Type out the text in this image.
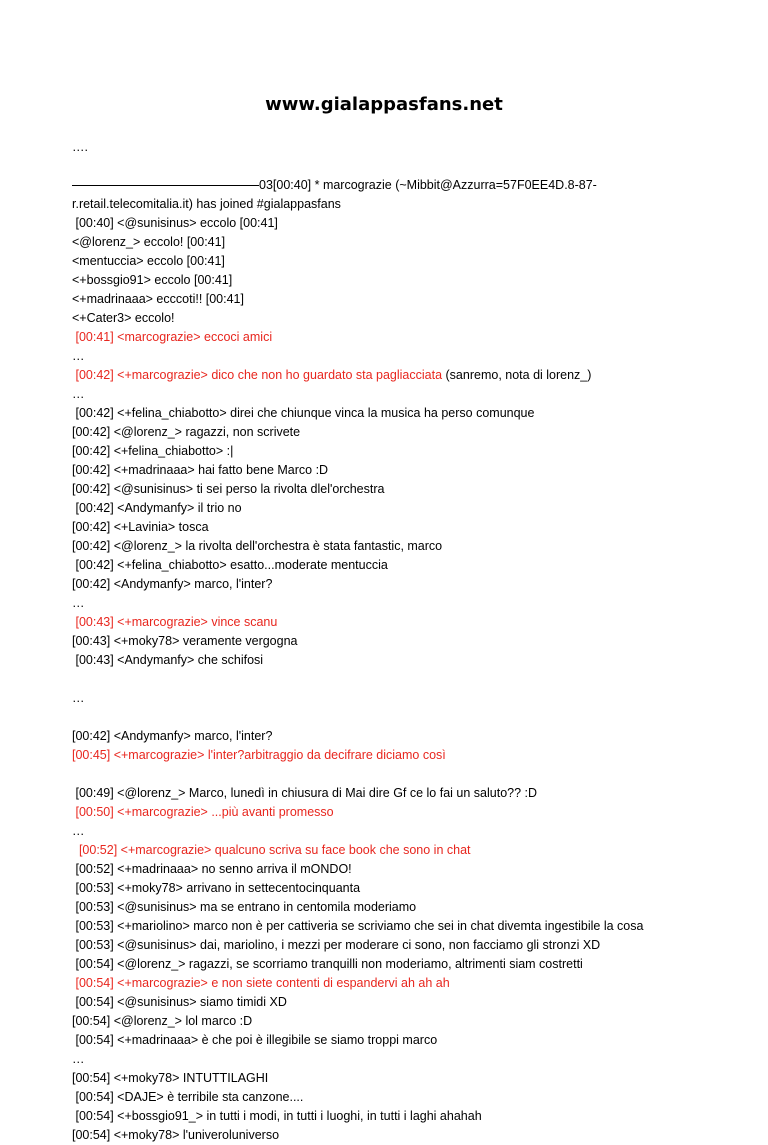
www.gialappasfans.net
….
03[00:40] * marcograzie (~Mibbit@Azzurra=57F0EE4D.8-87-
r.retail.telecomitalia.it) has joined #gialappasfans
[00:40] <@sunisinus> eccolo [00:41]
<@lorenz_> eccolo! [00:41]
<mentuccia> eccolo [00:41]
<+bossgio91> eccolo [00:41]
<+madrinaaa> ecccoti!! [00:41]
<+Cater3> eccolo!
[00:41] <marcograzie> eccoci amici
…
[00:42] <+marcograzie> dico che non ho guardato sta pagliacciata (sanremo, nota di lorenz_)
…
[00:42] <+felina_chiabotto> direi che chiunque vinca la musica ha perso comunque
[00:42] <@lorenz_> ragazzi, non scrivete
[00:42] <+felina_chiabotto> :|
[00:42] <+madrinaaa> hai fatto bene Marco :D
[00:42] <@sunisinus> ti sei perso la rivolta dlel'orchestra
[00:42] <Andymanfy> il trio no
[00:42] <+Lavinia> tosca
[00:42] <@lorenz_> la rivolta dell'orchestra è stata fantastic, marco
[00:42] <+felina_chiabotto> esatto...moderate mentuccia
[00:42] <Andymanfy> marco, l'inter?
…
[00:43] <+marcograzie> vince scanu
[00:43] <+moky78> veramente vergogna
[00:43] <Andymanfy> che schifosi
…
[00:42] <Andymanfy> marco, l'inter?
[00:45] <+marcograzie> l'inter?arbitraggio da decifrare diciamo così
[00:49] <@lorenz_> Marco, lunedì in chiusura di Mai dire Gf ce lo fai un saluto?? :D
[00:50] <+marcograzie> ...più avanti promesso
…
[00:52] <+marcograzie> qualcuno scriva su face book che sono in chat
[00:52] <+madrinaaa> no senno arriva il mONDO!
[00:53] <+moky78> arrivano in settecentocinquanta
[00:53] <@sunisinus> ma se entrano in centomila moderiamo
[00:53] <+mariolino> marco non è per cattiveria se scriviamo che sei in chat divemta ingestibile la cosa
[00:53] <@sunisinus> dai, mariolino, i mezzi per moderare ci sono, non facciamo gli stronzi XD
[00:54] <@lorenz_> ragazzi, se scorriamo tranquilli non moderiamo, altrimenti siam costretti
[00:54] <+marcograzie> e non siete contenti di espandervi ah ah ah
[00:54] <@sunisinus> siamo timidi XD
[00:54] <@lorenz_> lol marco :D
[00:54] <+madrinaaa> è che poi è illegibile se siamo troppi marco
…
[00:54] <+moky78> INTUTTILAGHI
[00:54] <DAJE> è terribile sta canzone....
[00:54] <+bossgio91_> in tutti i modi, in tutti i luoghi, in tutti i laghi ahahah
[00:54] <+moky78> l'univeroluniverso
